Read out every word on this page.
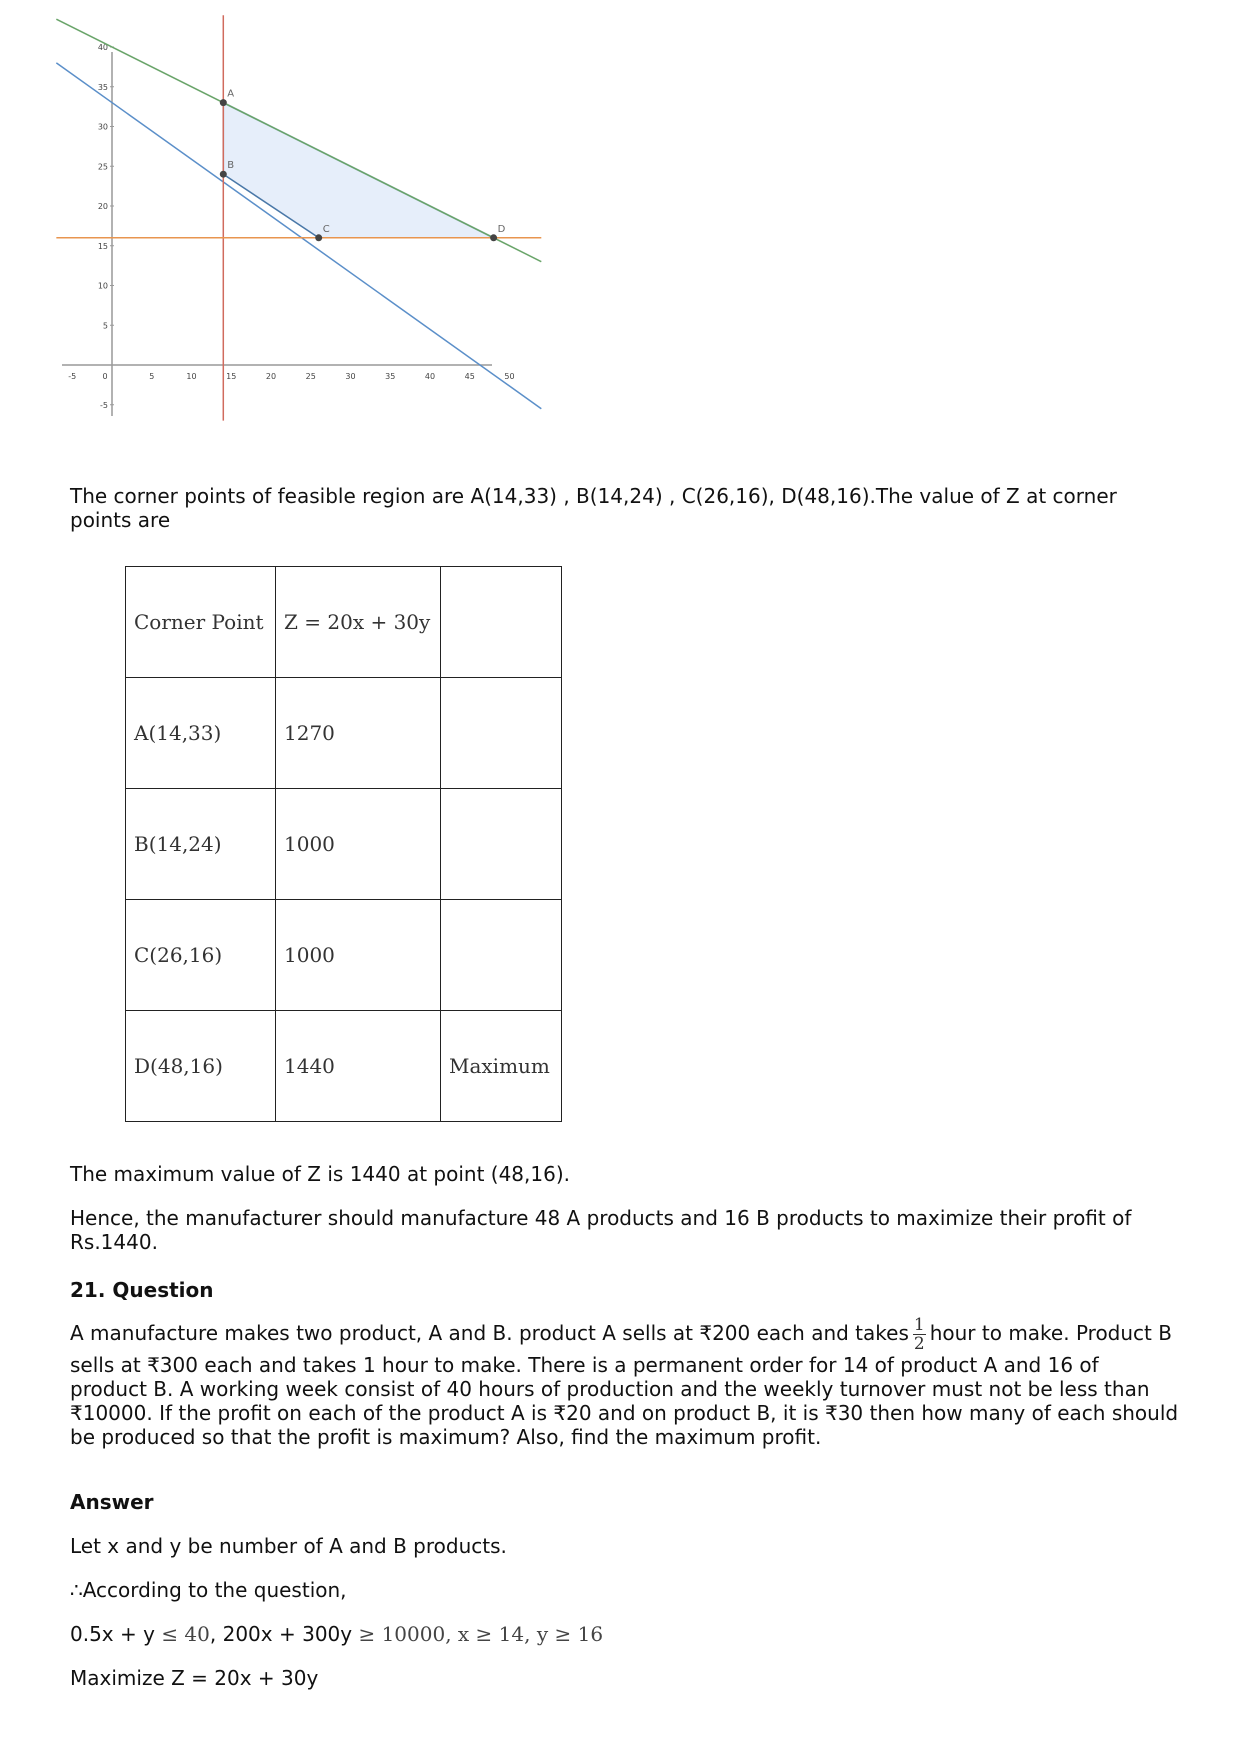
-5	0	5	10	15	20	25	30	35	40	45	50
40
35
30
25
20
15
10
5
-5
A
B
C	D

The corner points of feasible region are A(14,33) , B(14,24) , C(26,16), D(48,16).The value of Z at corner points are

Corner Point	Z = 20x + 30y	
A(14,33)	1270	
B(14,24)	1000	
C(26,16)	1000	
D(48,16)	1440	Maximum

The maximum value of Z is 1440 at point (48,16).

Hence, the manufacturer should manufacture 48 A products and 16 B products to maximize their profit of Rs.1440.

21. Question

A manufacture makes two product, A and B. product A sells at ₹200 each and takes $\frac{1}{2}$ hour to make. Product B sells at ₹300 each and takes 1 hour to make. There is a permanent order for 14 of product A and 16 of product B. A working week consist of 40 hours of production and the weekly turnover must not be less than ₹10000. If the profit on each of the product A is ₹20 and on product B, it is ₹30 then how many of each should be produced so that the profit is maximum? Also, find the maximum profit.

Answer

Let x and y be number of A and B products.

∴According to the question,

0.5x + y ≤ 40, 200x + 300y ≥ 10000, x ≥ 14, y ≥ 16

Maximize Z = 20x + 30y
